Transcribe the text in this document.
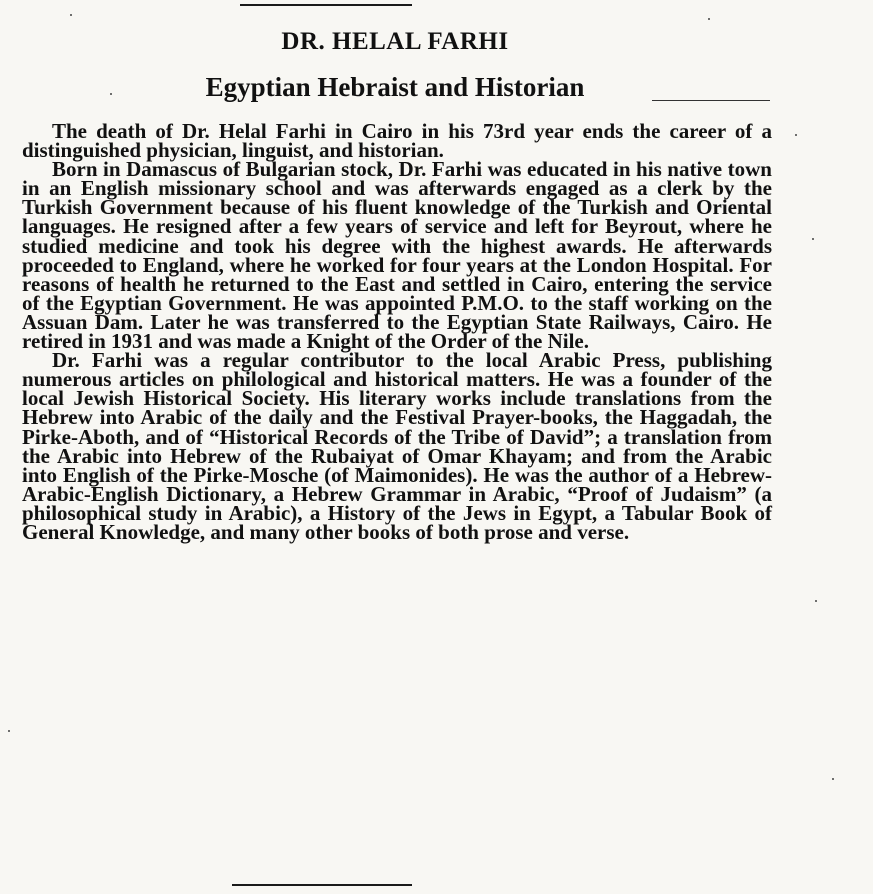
DR. HELAL FARHI
Egyptian Hebraist and Historian

The death of Dr. Helal Farhi in Cairo in his 73rd year ends the career of a distinguished physician, linguist, and historian.

Born in Damascus of Bulgarian stock, Dr. Farhi was educated in his native town in an English missionary school and was afterwards engaged as a clerk by the Turkish Government because of his fluent knowledge of the Turkish and Oriental languages. He resigned after a few years of service and left for Beyrout, where he studied medicine and took his degree with the highest awards. He afterwards proceeded to England, where he worked for four years at the London Hospital. For reasons of health he returned to the East and settled in Cairo, entering the service of the Egyptian Government. He was appointed P.M.O. to the staff working on the Assuan Dam. Later he was transferred to the Egyptian State Railways, Cairo. He retired in 1931 and was made a Knight of the Order of the Nile.

Dr. Farhi was a regular contributor to the local Arabic Press, publishing numerous articles on philological and historical matters. He was a founder of the local Jewish Historical Society. His literary works include translations from the Hebrew into Arabic of the daily and the Festival Prayer-books, the Haggadah, the Pirke-Aboth, and of “Historical Records of the Tribe of David”; a translation from the Arabic into Hebrew of the Rubaiyat of Omar Khayam; and from the Arabic into English of the Pirke-Mosche (of Maimonides). He was the author of a Hebrew-Arabic-English Dictionary, a Hebrew Grammar in Arabic, “Proof of Judaism” (a philosophical study in Arabic), a History of the Jews in Egypt, a Tabular Book of General Knowledge, and many other books of both prose and verse.
